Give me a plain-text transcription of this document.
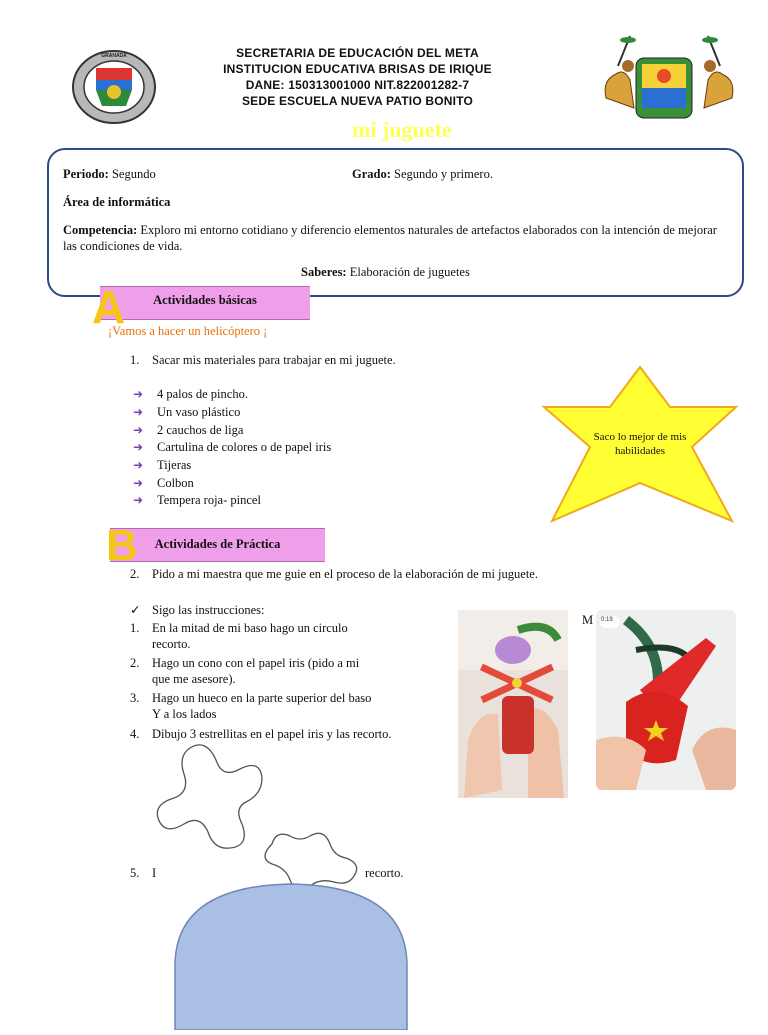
GRANADA	SECRETARIA DE EDUCACIÓN DEL META
INSTITUCION EDUCATIVA BRISAS DE IRIQUE
DANE: 150313001000 NIT.822001282-7
SEDE ESCUELA NUEVA PATIO BONITO
mi juguete
Periodo: Segundo	Grado: Segundo y primero.
Área de informática
Competencia: Exploro mi entorno cotidiano y diferencio elementos naturales de artefactos elaborados con la intención de mejorar las condiciones de vida.
Saberes: Elaboración de juguetes
Actividades básicas
A
¡Vamos a hacer un helicóptero ¡
1. Sacar mis materiales para trabajar en mi juguete.
➜	4 palos de pincho.
➜	Un vaso plástico
➜	2 cauchos de liga
➜	Cartulina de colores o de papel iris
➜	Tijeras
➜	Colbon
➜	Tempera roja- pincel
Saco lo mejor de mis habilidades
Actividades de Práctica
B
2. Pido a mi maestra que me guie en el proceso de la elaboración de mi juguete.
✓ Sigo las instrucciones:
1. En la mitad de mi baso hago un circulo
recorto.
2. Hago un cono con el papel iris (pido a mi
que me asesore).
3. Hago un hueco en la parte superior del baso
Y a los lados
4. Dibujo 3 estrellitas en el papel iris y las recorto.
5. I	recorto.
M 0:19
